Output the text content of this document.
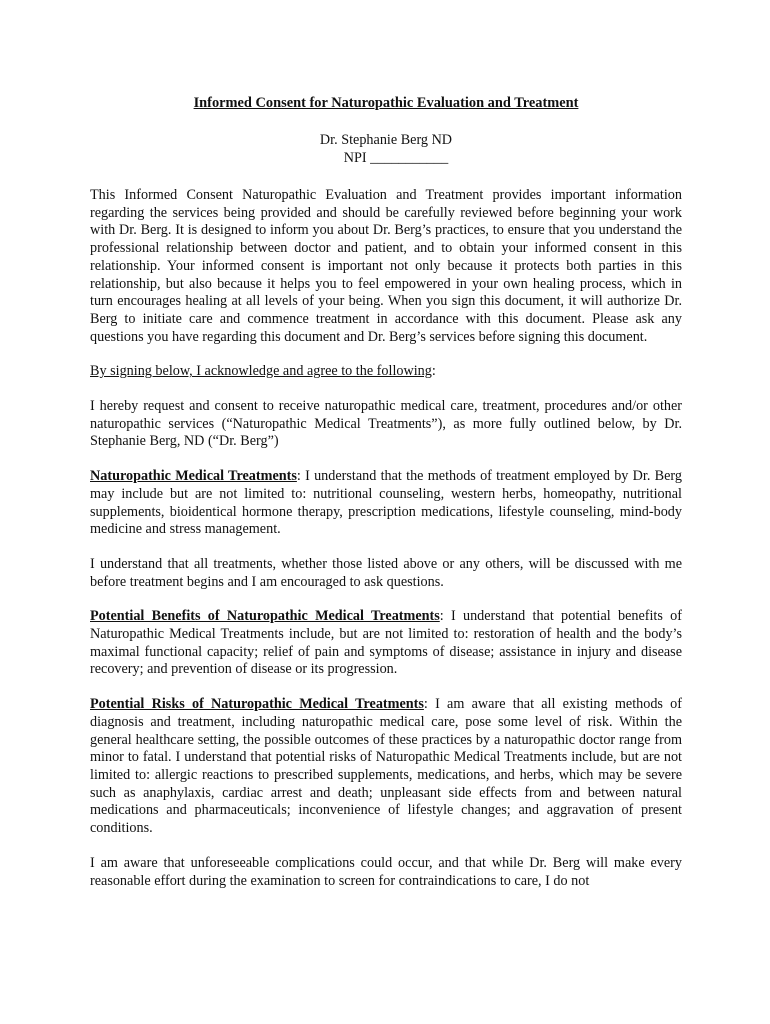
Informed Consent for Naturopathic Evaluation and Treatment
Dr. Stephanie Berg ND
NPI ___________

This Informed Consent Naturopathic Evaluation and Treatment provides important information regarding the services being provided and should be carefully reviewed before beginning your work with Dr. Berg. It is designed to inform you about Dr. Berg’s practices, to ensure that you understand the professional relationship between doctor and patient, and to obtain your informed consent in this relationship. Your informed consent is important not only because it protects both parties in this relationship, but also because it helps you to feel empowered in your own healing process, which in turn encourages healing at all levels of your being. When you sign this document, it will authorize Dr. Berg to initiate care and commence treatment in accordance with this document. Please ask any questions you have regarding this document and Dr. Berg’s services before signing this document.

By signing below, I acknowledge and agree to the following:

I hereby request and consent to receive naturopathic medical care, treatment, procedures and/or other naturopathic services (“Naturopathic Medical Treatments”), as more fully outlined below, by Dr. Stephanie Berg, ND (“Dr. Berg”)

Naturopathic Medical Treatments: I understand that the methods of treatment employed by Dr. Berg may include but are not limited to: nutritional counseling, western herbs, homeopathy, nutritional supplements, bioidentical hormone therapy, prescription medications, lifestyle counseling, mind-body medicine and stress management.

I understand that all treatments, whether those listed above or any others, will be discussed with me before treatment begins and I am encouraged to ask questions.

Potential Benefits of Naturopathic Medical Treatments: I understand that potential benefits of Naturopathic Medical Treatments include, but are not limited to: restoration of health and the body’s maximal functional capacity; relief of pain and symptoms of disease; assistance in injury and disease recovery; and prevention of disease or its progression.

Potential Risks of Naturopathic Medical Treatments: I am aware that all existing methods of diagnosis and treatment, including naturopathic medical care, pose some level of risk. Within the general healthcare setting, the possible outcomes of these practices by a naturopathic doctor range from minor to fatal. I understand that potential risks of Naturopathic Medical Treatments include, but are not limited to: allergic reactions to prescribed supplements, medications, and herbs, which may be severe such as anaphylaxis, cardiac arrest and death; unpleasant side effects from and between natural medications and pharmaceuticals; inconvenience of lifestyle changes; and aggravation of present conditions.

I am aware that unforeseeable complications could occur, and that while Dr. Berg will make every reasonable effort during the examination to screen for contraindications to care, I do not
